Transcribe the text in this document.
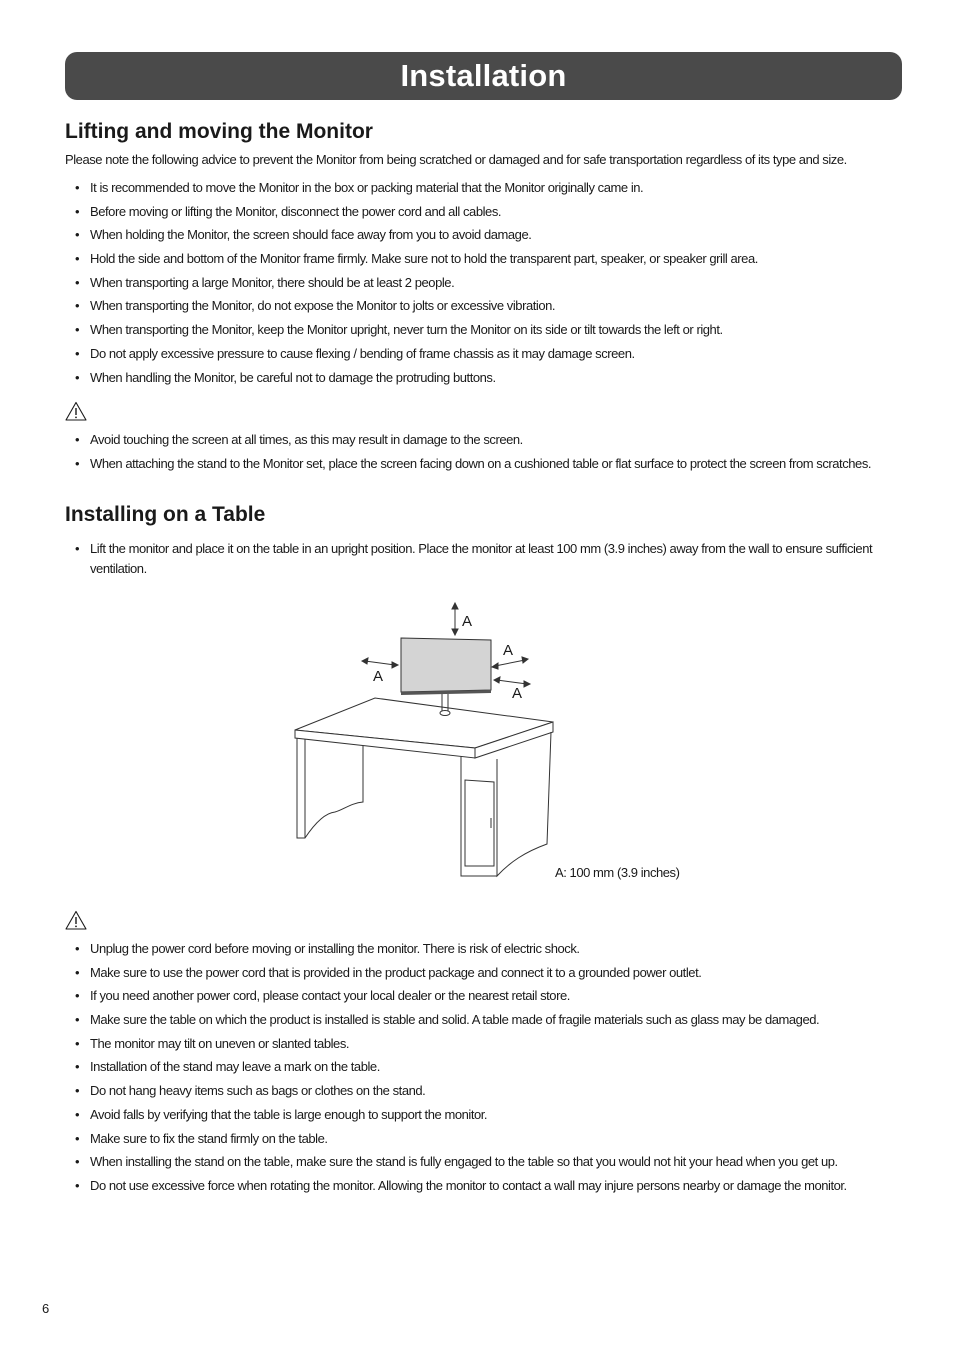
Installation
Lifting and moving the Monitor

Please note the following advice to prevent the Monitor from being scratched or damaged and for safe transportation regardless of its type and size.

• It is recommended to move the Monitor in the box or packing material that the Monitor originally came in.
• Before moving or lifting the Monitor, disconnect the power cord and all cables.
• When holding the Monitor, the screen should face away from you to avoid damage.
• Hold the side and bottom of the Monitor frame firmly. Make sure not to hold the transparent part, speaker, or speaker grill area.
• When transporting a large Monitor, there should be at least 2 people.
• When transporting the Monitor, do not expose the Monitor to jolts or excessive vibration.
• When transporting the Monitor, keep the Monitor upright, never turn the Monitor on its side or tilt towards the left or right.
• Do not apply excessive pressure to cause flexing / bending of frame chassis as it may damage screen.
• When handling the Monitor, be careful not to damage the protruding buttons.
• Avoid touching the screen at all times, as this may result in damage to the screen.
• When attaching the stand to the Monitor set, place the screen facing down on a cushioned table or flat surface to protect the screen from scratches.
Installing on a Table
• Lift the monitor and place it on the table in an upright position. Place the monitor at least 100 mm (3.9 inches) away from the wall to ensure sufficient ventilation.
A
A
A
A
A: 100 mm (3.9 inches)
• Unplug the power cord before moving or installing the monitor. There is risk of electric shock.
• Make sure to use the power cord that is provided in the product package and connect it to a grounded power outlet.
• If you need another power cord, please contact your local dealer or the nearest retail store.
• Make sure the table on which the product is installed is stable and solid. A table made of fragile materials such as glass may be damaged.
• The monitor may tilt on uneven or slanted tables.
• Installation of the stand may leave a mark on the table.
• Do not hang heavy items such as bags or clothes on the stand.
• Avoid falls by verifying that the table is large enough to support the monitor.
• Make sure to fix the stand firmly on the table.
• When installing the stand on the table, make sure the stand is fully engaged to the table so that you would not hit your head when you get up.
• Do not use excessive force when rotating the monitor. Allowing the monitor to contact a wall may injure persons nearby or damage the monitor.
6
